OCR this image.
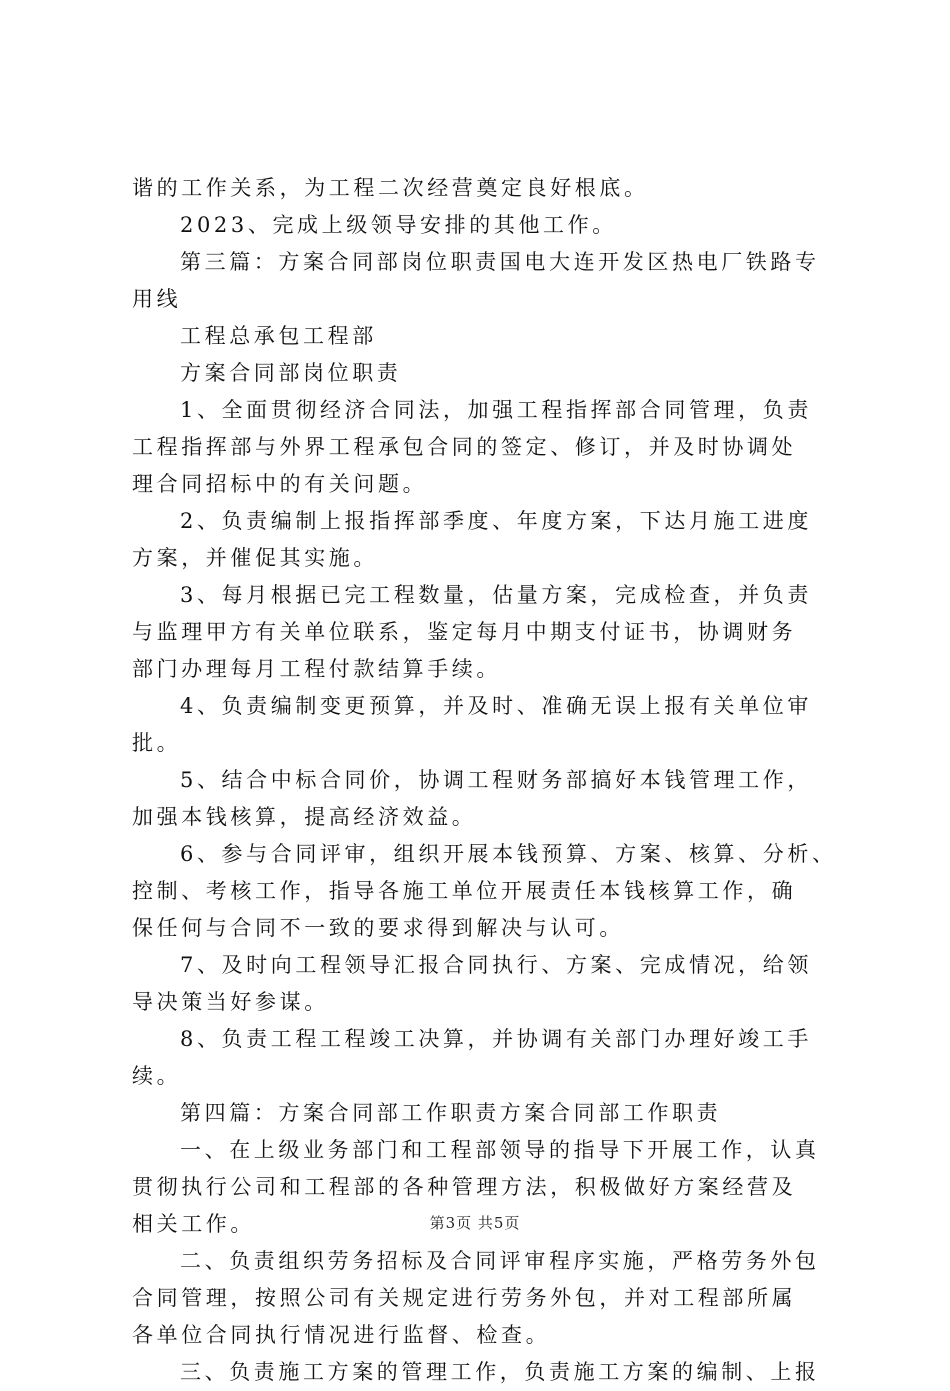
谐的工作关系，为工程二次经营奠定良好根底。
2023、完成上级领导安排的其他工作。
第三篇：方案合同部岗位职责国电大连开发区热电厂铁路专
用线
工程总承包工程部
方案合同部岗位职责
1、全面贯彻经济合同法，加强工程指挥部合同管理，负责
工程指挥部与外界工程承包合同的签定、修订，并及时协调处
理合同招标中的有关问题。
2、负责编制上报指挥部季度、年度方案，下达月施工进度
方案，并催促其实施。
3、每月根据已完工程数量，估量方案，完成检查，并负责
与监理甲方有关单位联系，鉴定每月中期支付证书，协调财务
部门办理每月工程付款结算手续。
4、负责编制变更预算，并及时、准确无误上报有关单位审
批。
5、结合中标合同价，协调工程财务部搞好本钱管理工作，
加强本钱核算，提高经济效益。
6、参与合同评审，组织开展本钱预算、方案、核算、分析、
控制、考核工作，指导各施工单位开展责任本钱核算工作，确
保任何与合同不一致的要求得到解决与认可。
7、及时向工程领导汇报合同执行、方案、完成情况，给领
导决策当好参谋。
8、负责工程工程竣工决算，并协调有关部门办理好竣工手
续。
第四篇：方案合同部工作职责方案合同部工作职责
一、在上级业务部门和工程部领导的指导下开展工作，认真
贯彻执行公司和工程部的各种管理方法，积极做好方案经营及
相关工作。
二、负责组织劳务招标及合同评审程序实施，严格劳务外包
合同管理，按照公司有关规定进行劳务外包，并对工程部所属
各单位合同执行情况进行监督、检查。
三、负责施工方案的管理工作，负责施工方案的编制、上报
第3页 共5页
